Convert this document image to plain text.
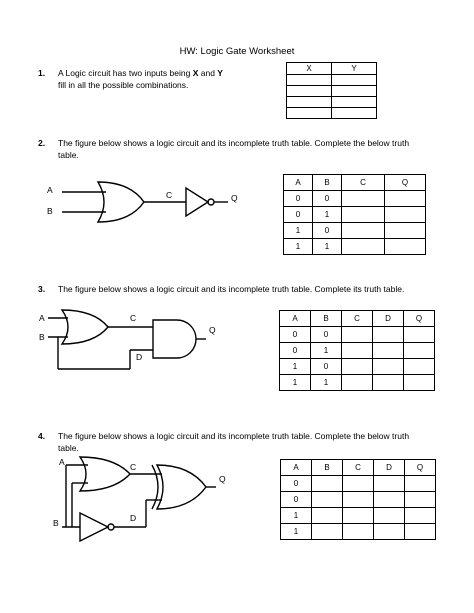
HW: Logic Gate Worksheet
1. A Logic circuit has two inputs being X and Y
fill in all the possible combinations.
X	Y

2. The figure below shows a logic circuit and its incomplete truth table. Complete the below truth
table.
A
B
C	Q
A	B	C	Q
0	0		
0	1		
1	0		
1	1		
3. The figure below shows a logic circuit and its incomplete truth table. Complete its truth table.
A
B
C
D
Q
A	B	C	D	Q
0	0			
0	1			
1	0			
1	1			
4. The figure below shows a logic circuit and its incomplete truth table. Complete the below truth
table.
A
B
C
D
Q
A	B	C	D	Q
0				
0				
1				
1				
